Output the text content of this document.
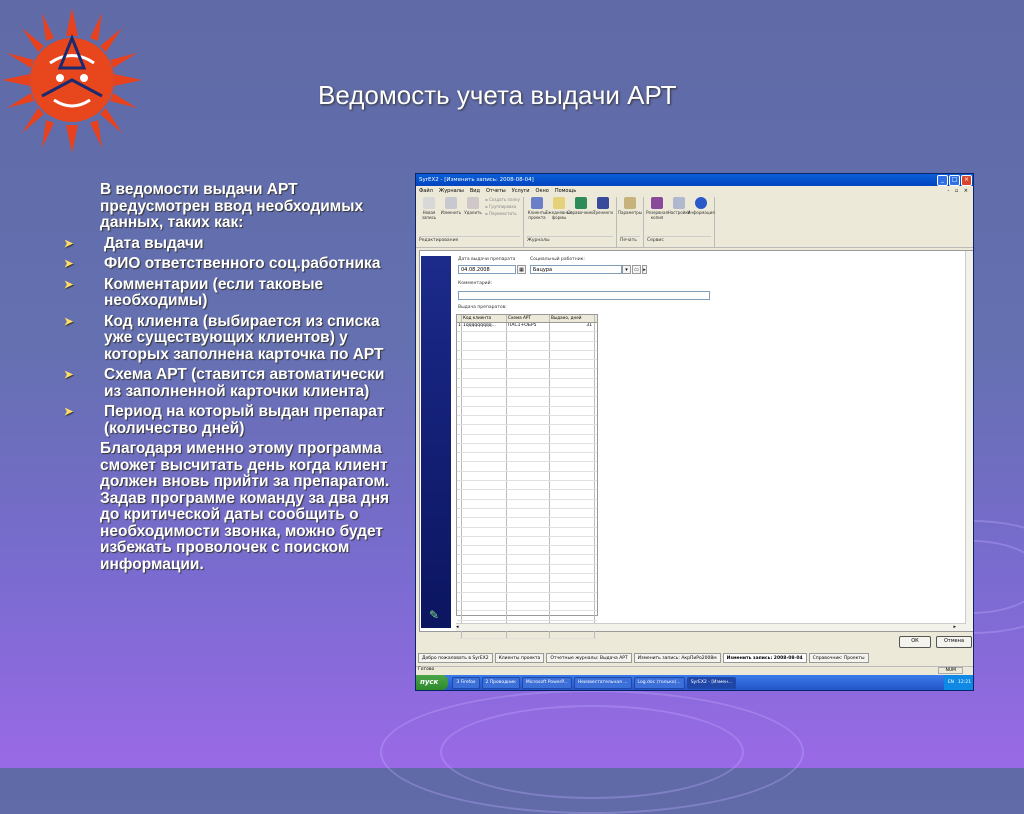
Ведомость учета выдачи АРТ

В ведомости выдачи АРТ предусмотрен ввод необходимых данных, таких как:

➤	Дата выдачи
➤	ФИО ответственного соц.работника
➤	Комментарии (если таковые необходимы)
➤	Код клиента (выбирается из списка уже существующих клиентов) у которых заполнена карточка по АРТ
➤	Схема АРТ (ставится автоматически из заполненной карточки клиента)
➤	Период на который выдан препарат (количество дней)

Благодаря именно этому программа сможет высчитать день когда клиент должен вновь прийти за препаратом. Задав программе команду за два дня до критической даты сообщить о необходимости звонка, можно будет избежать проволочек с поиском информации.

SyrEX2 - [Изменить запись: 2008-08-04]	_	□	×
Файл Журналы Вид Отчеты Услуги Окно Помощь	- ▫ ×
Новая запись
Изменить Удалить
▪ Создать папку
▪ Группировка
▪ Переместить
Редактирование
Клиенты проекта
Ежедневные формы
Справочники
Тренинги
Журналы
Параметры
Печать
Резервная копия
Настройки
Информация
Сервис
✎
Дата выдачи препарата
04.08.2008	▦
Социальный работник:
Бацура	▾	▭ ▸
Комментарий:
Выдача препаратов:
Код клиента	Схема АРТ	Выдано, дней
1 1qqqqqqqqq...	ПАС1+ОБР5	31
◂	▸
ОК	Отмена
Добро пожаловать в SyrEX2	Клиенты проекта	Отчетные журналы: Выдача АРТ	Изменить запись: АкрПиРо2008м	Изменить запись: 2008-08-04	Справочник: Проекты
Готово	NUM
пуск	3 Firefox	2 Проводник	Microsoft PowerP...	Неизвестательная ...	Log.doc (только)...	SyrEX2 - [Измен...	EN 12:21
